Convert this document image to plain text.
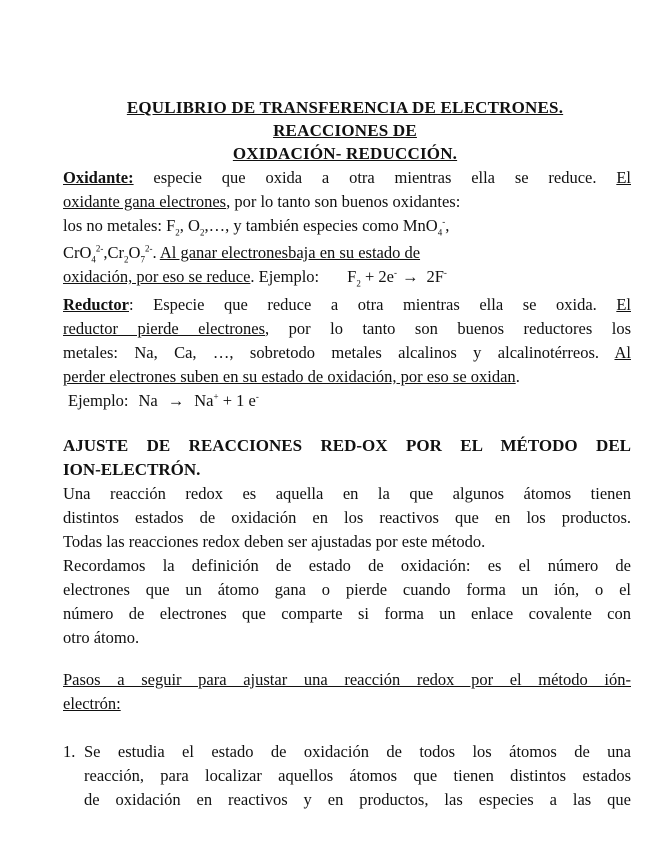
EQULIBRIO DE TRANSFERENCIA DE ELECTRONES.
REACCIONES DE
OXIDACIÓN- REDUCCIÓN.
Oxidante: especie que oxida a otra mientras ella se reduce. El
oxidante gana electrones, por lo tanto son buenos oxidantes:
los no metales: $F_2$, $O_2,\dots$, y también especies como MnO$_4$-,
$CrO_4^{2-},Cr_2O_7^{2-}$. Al ganar electronesbaja en su estado de
oxidación, por eso se reduce. Ejemplo: $F_2 + 2e^- \to 2F^-$
Reductor: Especie que reduce a otra mientras ella se oxida. El
reductor pierde electrones, por lo tanto son buenos reductores los
metales: Na, Ca, …, sobretodo metales alcalinos y alcalinotérreos. Al
perder electrones suben en su estado de oxidación, por eso se oxidan.
Ejemplo: Na → Na+ + 1 e-
AJUSTE DE REACCIONES RED-OX POR EL MÉTODO DEL
ION-ELECTRÓN.
Una reacción redox es aquella en la que algunos átomos tienen
distintos estados de oxidación en los reactivos que en los productos.
Todas las reacciones redox deben ser ajustadas por este método.
Recordamos la definición de estado de oxidación: es el número de
electrones que un átomo gana o pierde cuando forma un ión, o el
número de electrones que comparte si forma un enlace covalente con
otro átomo.
Pasos a seguir para ajustar una reacción redox por el método ión-
electrón:
1. Se estudia el estado de oxidación de todos los átomos de una
reacción, para localizar aquellos átomos que tienen distintos estados
de oxidación en reactivos y en productos, las especies a las que
